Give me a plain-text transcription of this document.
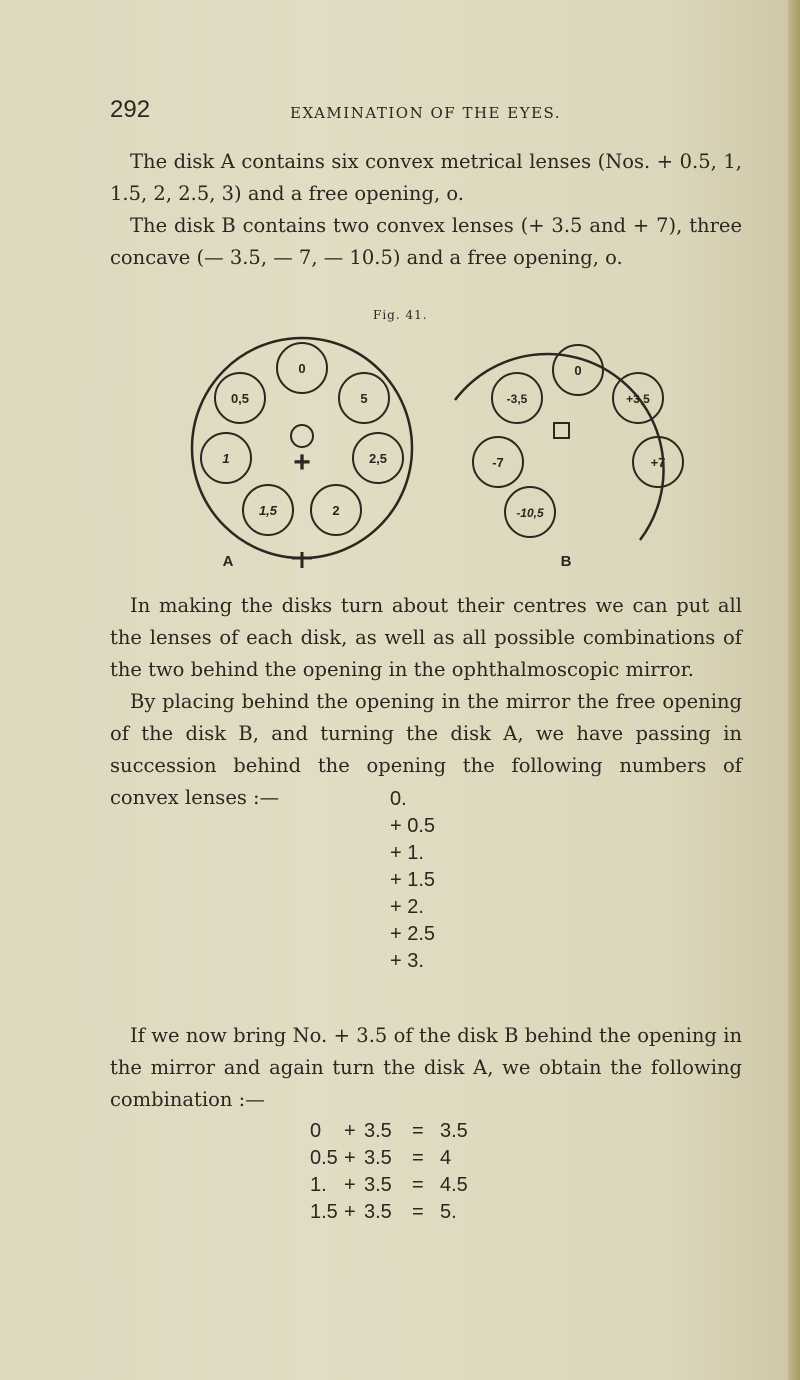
292	EXAMINATION OF THE EYES.

The disk A contains six convex metrical lenses (Nos. + 0.5, 1, 1.5, 2, 2.5, 3) and a free opening, o.

The disk B contains two convex lenses (+ 3.5 and + 7), three concave (— 3.5, — 7, — 10.5) and a free opening, o.

Fig. 41.
0
0,5	5
1	2,5
1,5	2
+
A
0
-3,5	+3,5
-7	+7
-10,5
B

In making the disks turn about their centres we can put all the lenses of each disk, as well as all possible combinations of the two behind the opening in the ophthalmoscopic mirror.

By placing behind the opening in the mirror the free opening of the disk B, and turning the disk A, we have passing in succession behind the opening the following numbers of convex lenses :—	0.
+ 0.5
+ 1.
+ 1.5
+ 2.
+ 2.5
+ 3.

If we now bring No. + 3.5 of the disk B behind the opening in the mirror and again turn the disk A, we obtain the following combination :—

0	+ 3.5	= 3.5
0.5 + 3.5	= 4
1. + 3.5	= 4.5
1.5 + 3.5	= 5.
